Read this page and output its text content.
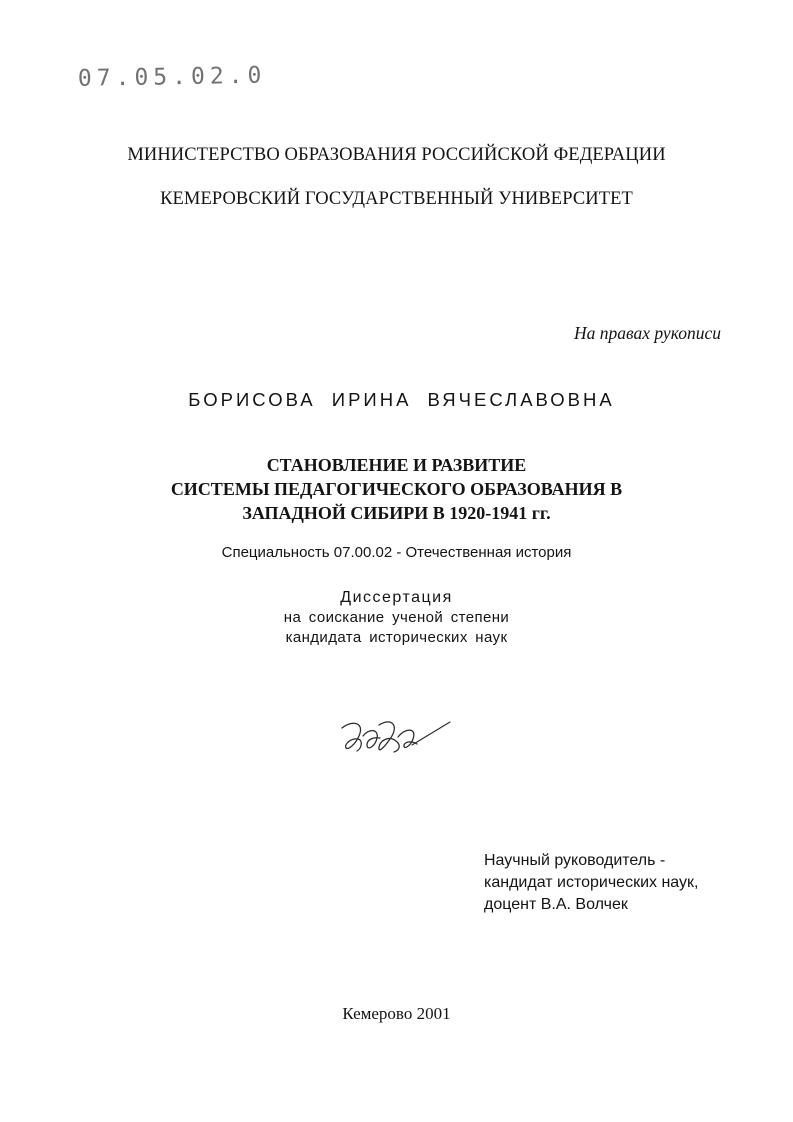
07.05.02.0
МИНИСТЕРСТВО ОБРАЗОВАНИЯ РОССИЙСКОЙ ФЕДЕРАЦИИ
КЕМЕРОВСКИЙ ГОСУДАРСТВЕННЫЙ УНИВЕРСИТЕТ
На правах рукописи
БОРИСОВА ИРИНА ВЯЧЕСЛАВОВНА
СТАНОВЛЕНИЕ И РАЗВИТИЕ
СИСТЕМЫ ПЕДАГОГИЧЕСКОГО ОБРАЗОВАНИЯ В
ЗАПАДНОЙ СИБИРИ В 1920-1941 гг.
Специальность 07.00.02 - Отечественная история
Диссертация
на соискание ученой степени
кандидата исторических наук
Научный руководитель -
кандидат исторических наук,
доцент В.А. Волчек
Кемерово 2001
